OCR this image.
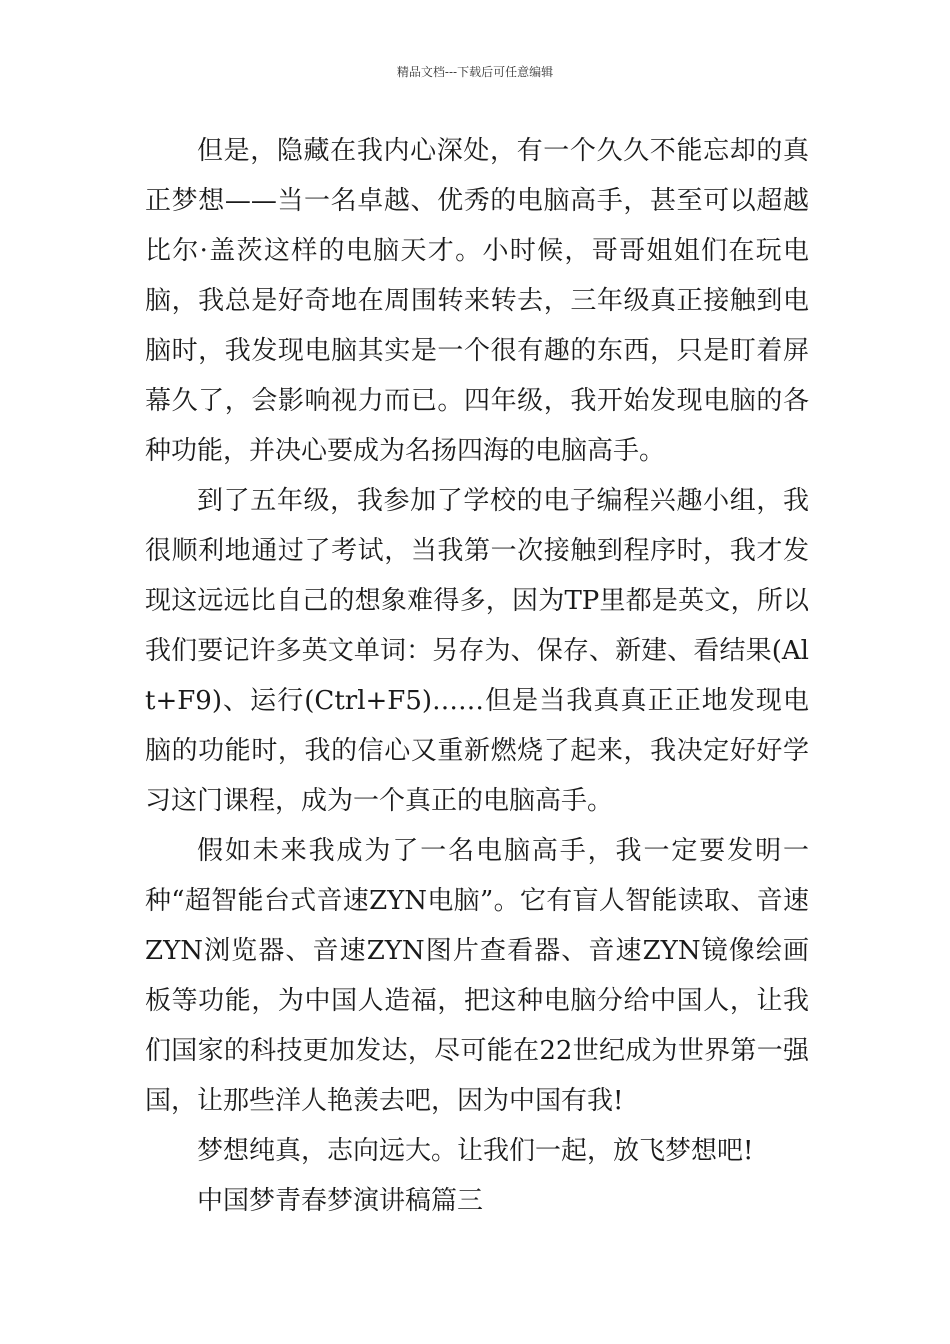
精品文档---下载后可任意编辑

但是，隐藏在我内心深处，有一个久久不能忘却的真正梦想——当一名卓越、优秀的电脑高手，甚至可以超越比尔·盖茨这样的电脑天才。小时候，哥哥姐姐们在玩电脑，我总是好奇地在周围转来转去，三年级真正接触到电脑时，我发现电脑其实是一个很有趣的东西，只是盯着屏幕久了，会影响视力而已。四年级，我开始发现电脑的各种功能，并决心要成为名扬四海的电脑高手。

到了五年级，我参加了学校的电子编程兴趣小组，我很顺利地通过了考试，当我第一次接触到程序时，我才发现这远远比自己的想象难得多，因为TP里都是英文，所以我们要记许多英文单词：另存为、保存、新建、看结果(Alt+F9)、运行(Ctrl+F5)……但是当我真真正正地发现电脑的功能时，我的信心又重新燃烧了起来，我决定好好学习这门课程，成为一个真正的电脑高手。

假如未来我成为了一名电脑高手，我一定要发明一种“超智能台式音速ZYN电脑”。它有盲人智能读取、音速ZYN浏览器、音速ZYN图片查看器、音速ZYN镜像绘画板等功能，为中国人造福，把这种电脑分给中国人，让我们国家的科技更加发达，尽可能在22世纪成为世界第一强国，让那些洋人艳羡去吧，因为中国有我!

梦想纯真，志向远大。让我们一起，放飞梦想吧!

中国梦青春梦演讲稿篇三
